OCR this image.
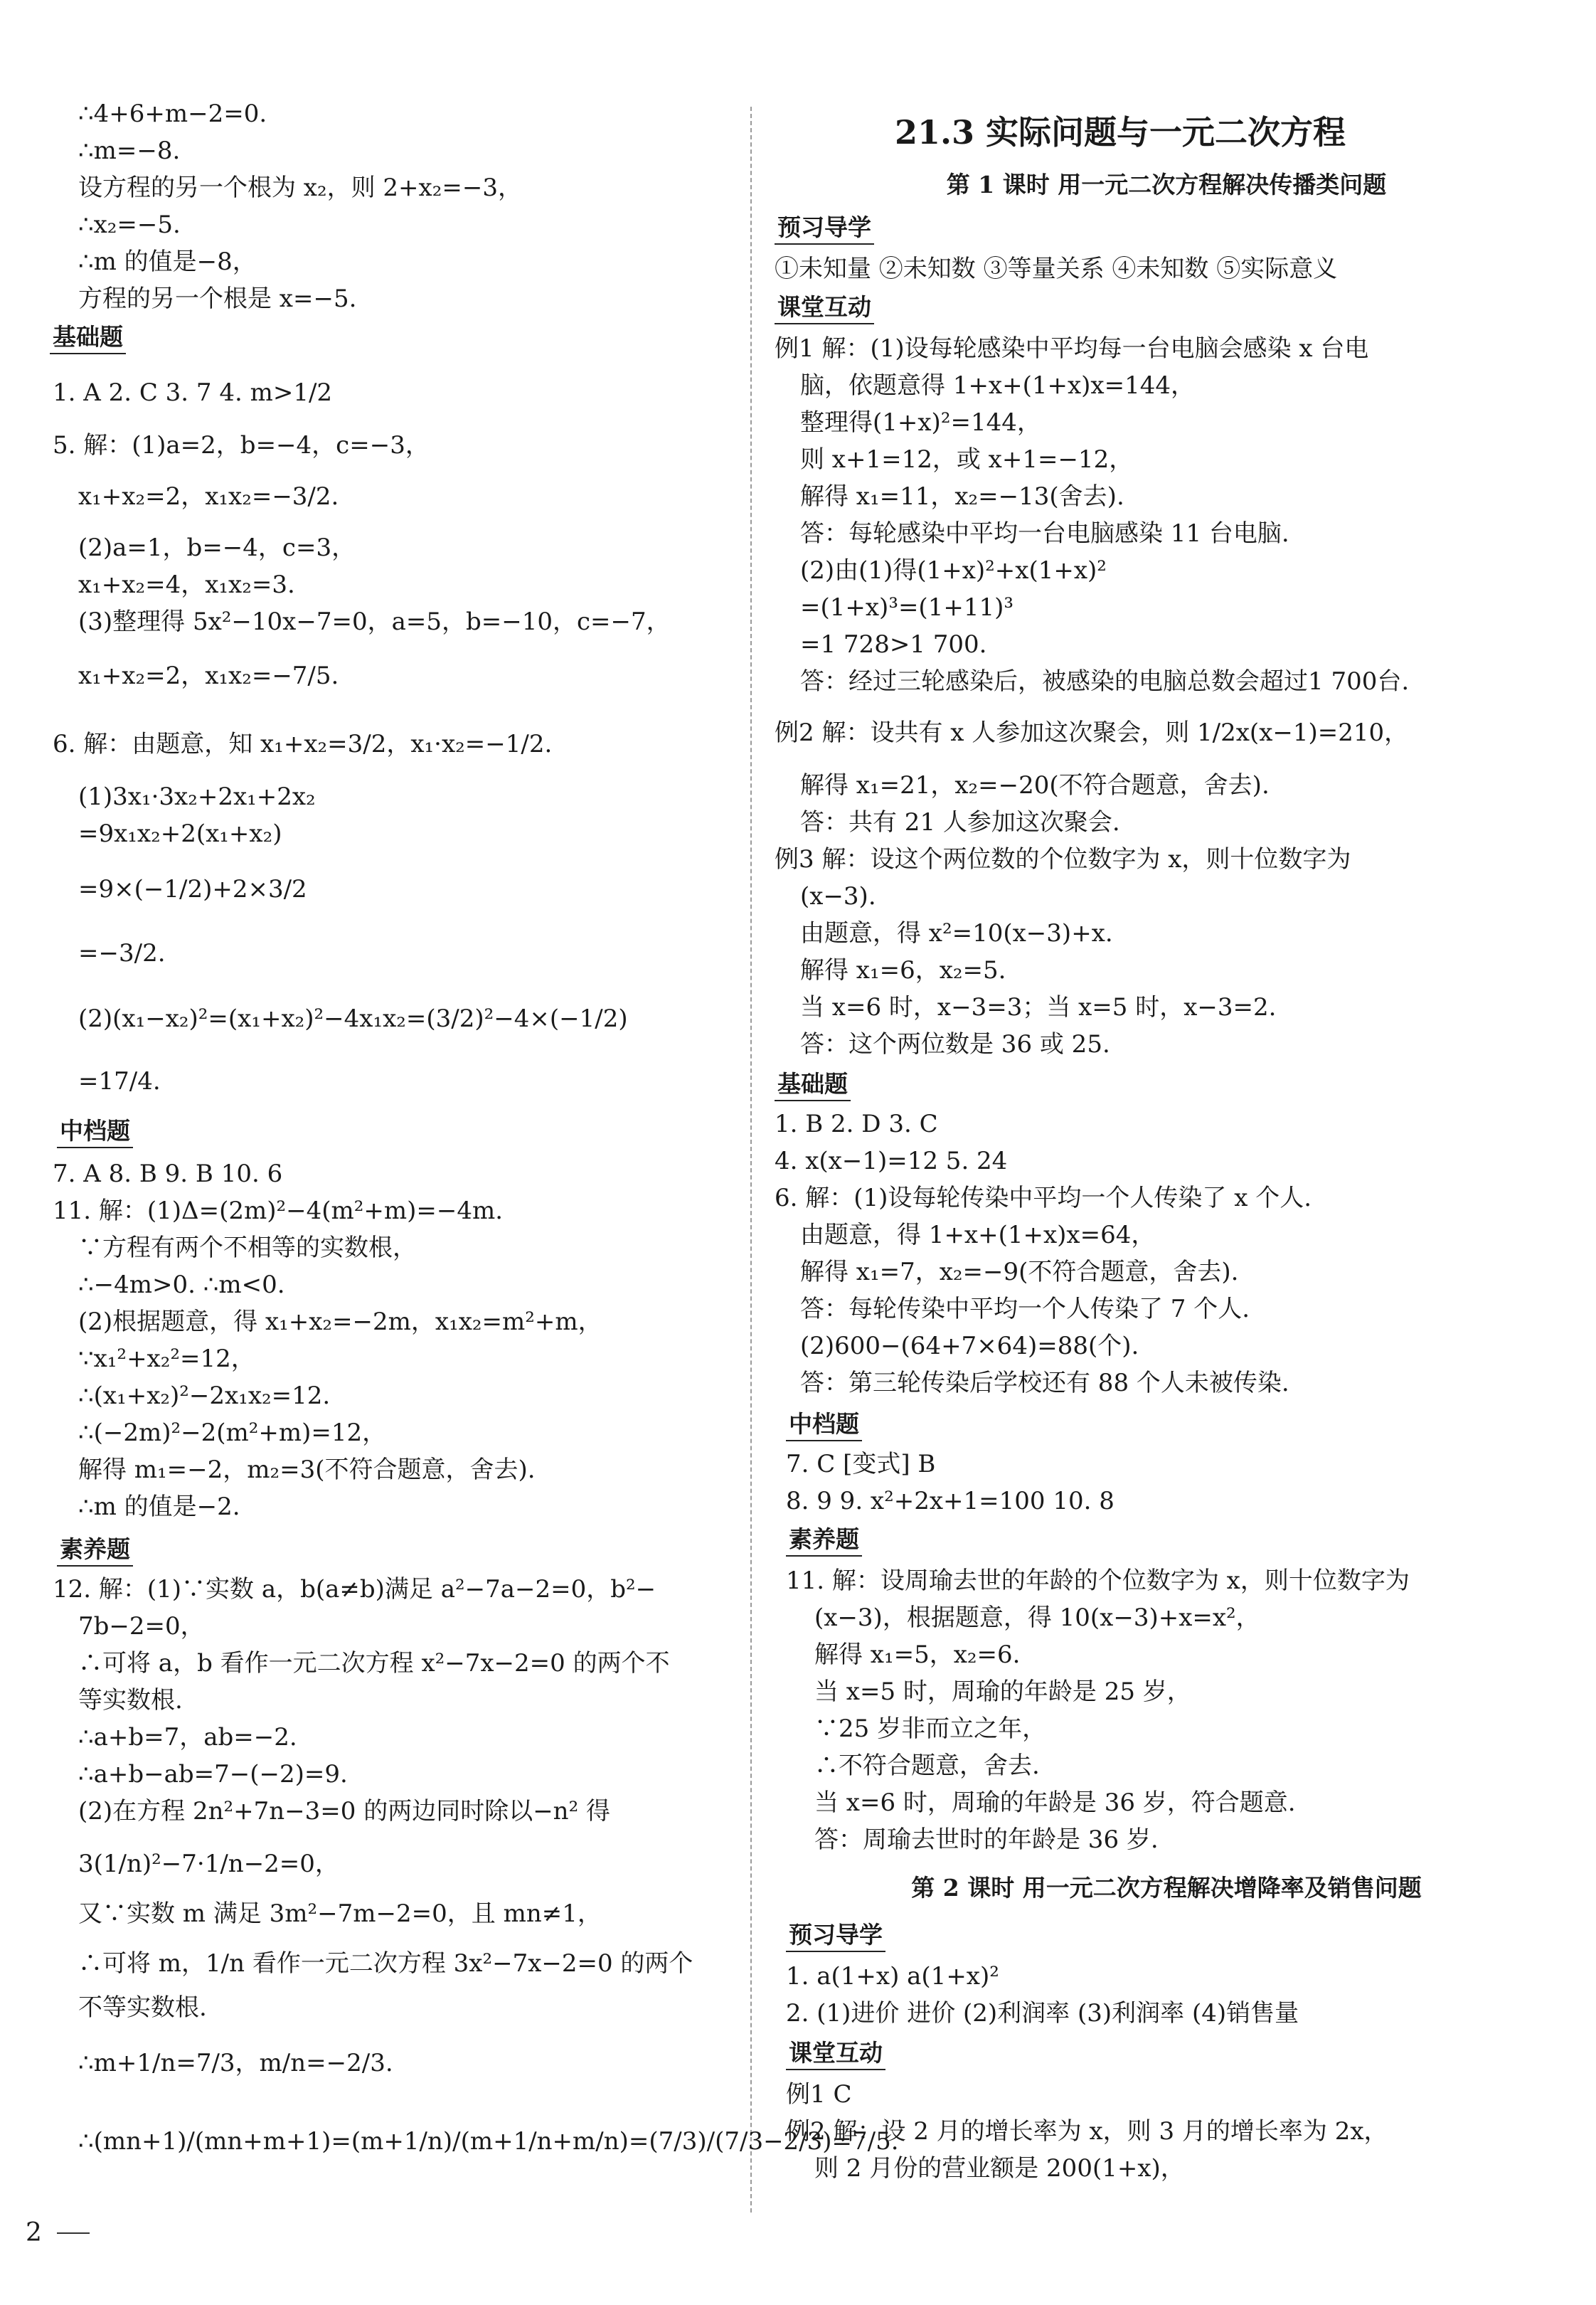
21.3 实际问题与一元二次方程
∴4+6+m−2=0.
∴m=−8.
设方程的另一个根为 x₂，则 2+x₂=−3，
∴x₂=−5.
∴m 的值是−8，
方程的另一个根是 x=−5.
基础题
1. A 2. C 3. 7 4. m>1/2
5. 解：(1)a=2，b=−4，c=−3，
x₁+x₂=2，x₁x₂=−3/2.
(2)a=1，b=−4，c=3，
x₁+x₂=4，x₁x₂=3.
(3)整理得 5x²−10x−7=0，a=5，b=−10，c=−7，
x₁+x₂=2，x₁x₂=−7/5.
6. 解：由题意，知 x₁+x₂=3/2，x₁·x₂=−1/2.
(1)3x₁·3x₂+2x₁+2x₂
=9x₁x₂+2(x₁+x₂)
=9×(−1/2)+2×3/2
=−3/2.
(2)(x₁−x₂)²=(x₁+x₂)²−4x₁x₂=(3/2)²−4×(−1/2)
=17/4.
中档题
7. A 8. B 9. B 10. 6
11. 解：(1)Δ=(2m)²−4(m²+m)=−4m.
∵方程有两个不相等的实数根，
∴−4m>0. ∴m<0.
(2)根据题意，得 x₁+x₂=−2m，x₁x₂=m²+m，
∵x₁²+x₂²=12，
∴(x₁+x₂)²−2x₁x₂=12.
∴(−2m)²−2(m²+m)=12，
解得 m₁=−2，m₂=3(不符合题意，舍去).
∴m 的值是−2.
素养题
12. 解：(1)∵实数 a，b(a≠b)满足 a²−7a−2=0，b²−
7b−2=0，
∴可将 a，b 看作一元二次方程 x²−7x−2=0 的两个不
等实数根.
∴a+b=7，ab=−2.
∴a+b−ab=7−(−2)=9.
(2)在方程 2n²+7n−3=0 的两边同时除以−n² 得
3(1/n)²−7·1/n−2=0，
又∵实数 m 满足 3m²−7m−2=0，且 mn≠1，
∴可将 m，1/n 看作一元二次方程 3x²−7x−2=0 的两个
不等实数根.
∴m+1/n=7/3，m/n=−2/3.
∴(mn+1)/(mn+m+1)=(m+1/n)/(m+1/n+m/n)=(7/3)/(7/3−2/3)=7/5.
第 1 课时 用一元二次方程解决传播类问题
预习导学
①未知量 ②未知数 ③等量关系 ④未知数 ⑤实际意义
课堂互动
例1 解：(1)设每轮感染中平均每一台电脑会感染 x 台电
脑，依题意得 1+x+(1+x)x=144，
整理得(1+x)²=144，
则 x+1=12，或 x+1=−12，
解得 x₁=11，x₂=−13(舍去).
答：每轮感染中平均一台电脑感染 11 台电脑.
(2)由(1)得(1+x)²+x(1+x)²
=(1+x)³=(1+11)³
=1 728>1 700.
答：经过三轮感染后，被感染的电脑总数会超过1 700台.
例2 解：设共有 x 人参加这次聚会，则 1/2x(x−1)=210，
解得 x₁=21，x₂=−20(不符合题意，舍去).
答：共有 21 人参加这次聚会.
例3 解：设这个两位数的个位数字为 x，则十位数字为
(x−3).
由题意，得 x²=10(x−3)+x.
解得 x₁=6，x₂=5.
当 x=6 时，x−3=3；当 x=5 时，x−3=2.
答：这个两位数是 36 或 25.
基础题
1. B 2. D 3. C
4. x(x−1)=12 5. 24
6. 解：(1)设每轮传染中平均一个人传染了 x 个人.
由题意，得 1+x+(1+x)x=64，
解得 x₁=7，x₂=−9(不符合题意，舍去).
答：每轮传染中平均一个人传染了 7 个人.
(2)600−(64+7×64)=88(个).
答：第三轮传染后学校还有 88 个人未被传染.
中档题
7. C [变式] B
8. 9 9. x²+2x+1=100 10. 8
素养题
11. 解：设周瑜去世的年龄的个位数字为 x，则十位数字为
(x−3)，根据题意，得 10(x−3)+x=x²，
解得 x₁=5，x₂=6.
当 x=5 时，周瑜的年龄是 25 岁，
∵25 岁非而立之年，
∴不符合题意，舍去.
当 x=6 时，周瑜的年龄是 36 岁，符合题意.
答：周瑜去世时的年龄是 36 岁.
第 2 课时 用一元二次方程解决增降率及销售问题
预习导学
1. a(1+x) a(1+x)²
2. (1)进价 进价 (2)利润率 (3)利润率 (4)销售量
课堂互动
例1 C
例2 解：设 2 月的增长率为 x，则 3 月的增长率为 2x，
则 2 月份的营业额是 200(1+x)，
2
